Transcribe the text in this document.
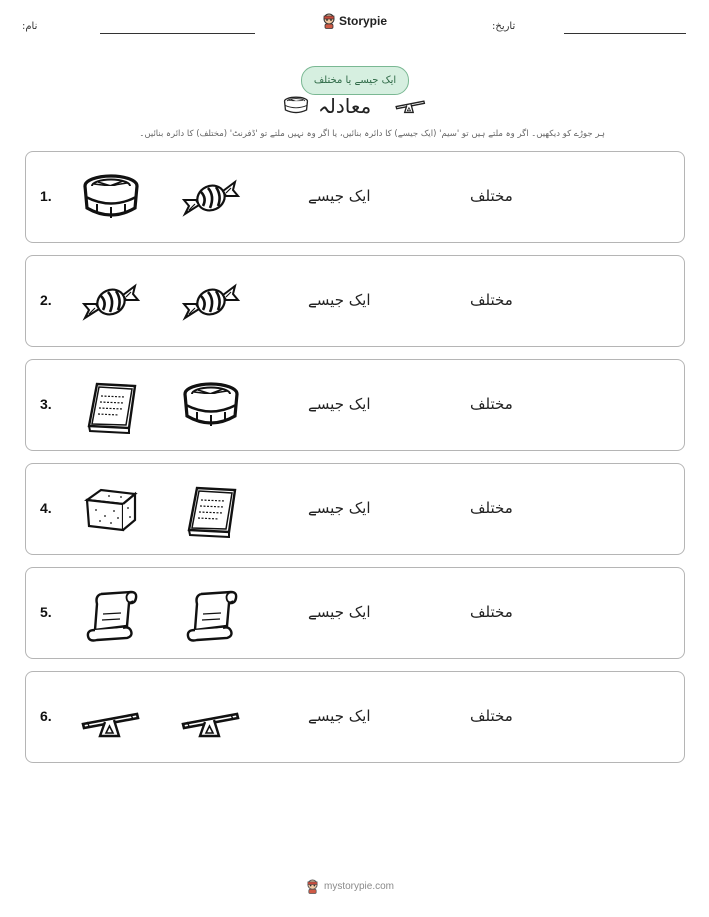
نام:	Storypie	تاریخ:
ایک جیسے یا مختلف
معادلہ
ہر جوڑے کو دیکھیں۔ اگر وہ ملتے ہیں تو 'سیم' (ایک جیسے) کا دائرہ بنائیں، یا اگر وہ نہیں ملتے تو 'ڈفرنٹ' (مختلف) کا دائرہ بنائیں۔
1.	ایک جیسے	مختلف
2.	ایک جیسے	مختلف
3.	ایک جیسے	مختلف
4.	ایک جیسے	مختلف
5.	ایک جیسے	مختلف
6.	ایک جیسے	مختلف
mystorypie.com
